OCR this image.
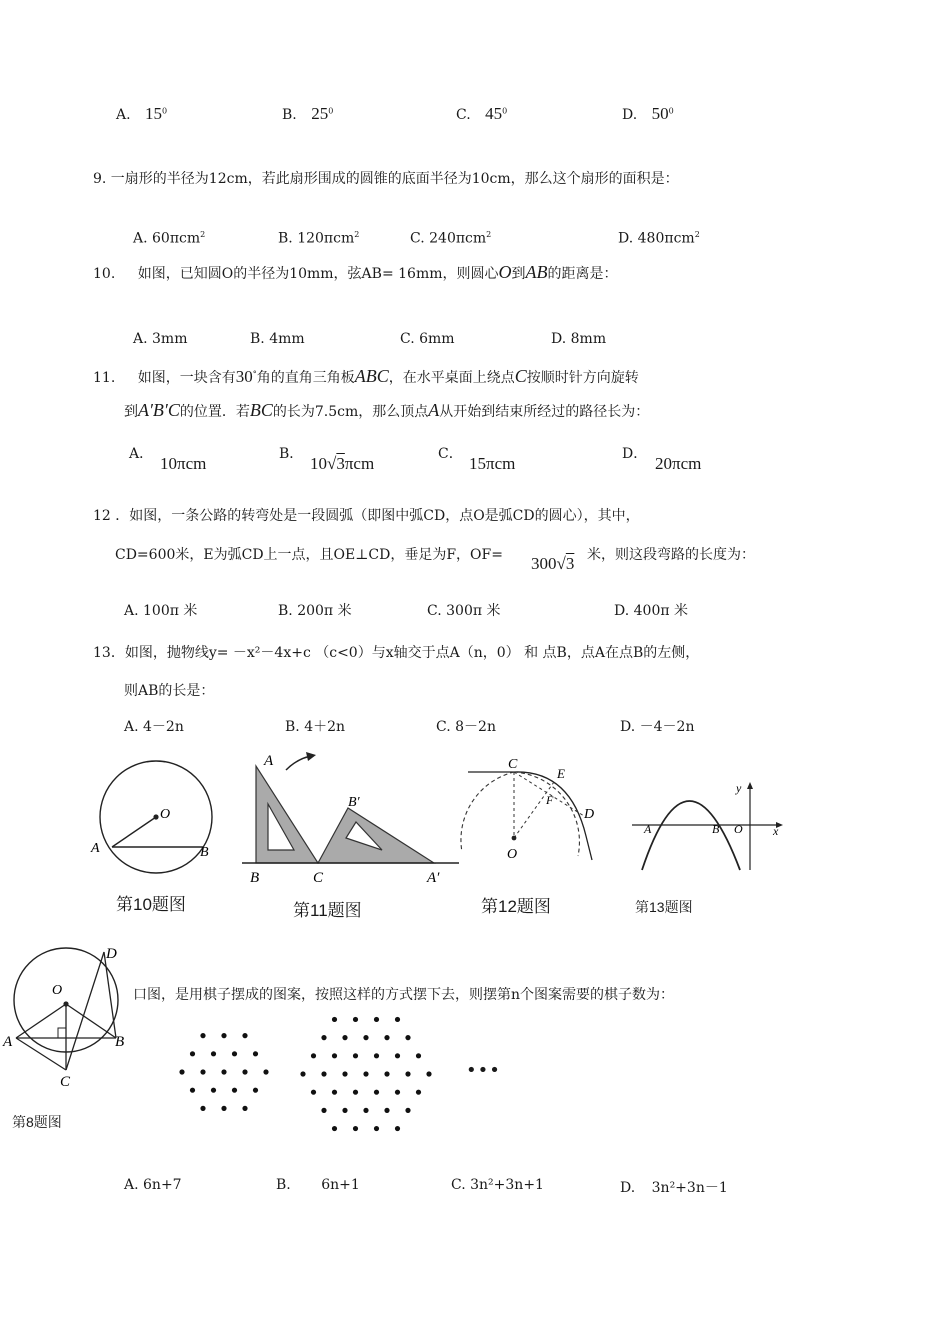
A. $15^0$	B. $25^0$	C. $45^0$	D. $50^0$
9. 一扇形的半径为12cm，若此扇形围成的圆锥的底面半径为10cm，那么这个扇形的面积是：
A. 60πcm$^2$	B. 120πcm$^2$	C. 240πcm$^2$	D. 480πcm$^2$
10. 如图，已知圆O的半径为10mm，弦AB= 16mm，则圆心O到AB的距离是：
A. 3mm	B. 4mm	C. 6mm	D. 8mm
11. 如图，一块含有30°角的直角三角板ABC，在水平桌面上绕点C按顺时针方向旋转
到A′B′C的位置．若BC的长为7.5cm，那么顶点A从开始到结束所经过的路径长为：
A． 10πcm	B． 10√3πcm	C． 15πcm	D． 20πcm
12 ．如图，一条公路的转弯处是一段圆弧（即图中弧CD，点O是弧CD的圆心），其中，
CD=600米，E为弧CD上一点，且OE⊥CD，垂足为F，OF= 300√3 米，则这段弯路的长度为：
A. 100π 米	B. 200π 米	C. 300π 米	D. 400π 米
13．如图，抛物线y= －x²－4x+c （c<0）与x轴交于点A（n，0） 和 点B，点A在点B的左侧，
则AB的长是：
A. 4－2n	B. 4＋2n	C. 8－2n	D. －4－2n
O
A	B
第10题图
A
B′
B	C	A′
第11题图
C
E
F
D
O
第12题图
y
A	B O	x
第13题图
D
O
A	B
C
第8题图
口图，是用棋子摆成的图案，按照这样的方式摆下去，则摆第n个图案需要的棋子数为：
•••
A. 6n+7	B. 6n+1	C. 3n²+3n+1	D. 3n²+3n－1
